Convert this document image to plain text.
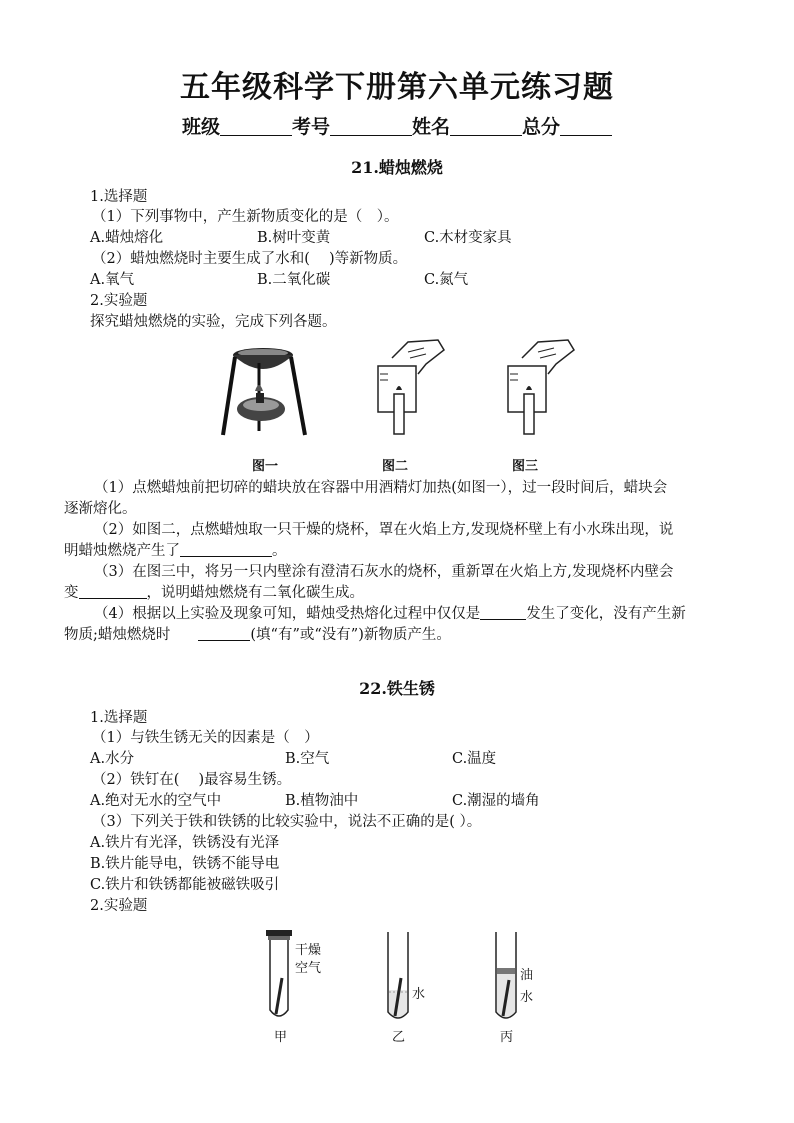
五年级科学下册第六单元练习题
班级	考号	姓名	总分
21.蜡烛燃烧
1.选择题
（1）下列事物中，产生新物质变化的是（　）。
A.蜡烛熔化	B.树叶变黄	C.木材变家具
（2）蜡烛燃烧时主要生成了水和(　 )等新物质。
A.氧气	B.二氧化碳	C.氮气
2.实验题
探究蜡烛燃烧的实验，完成下列各题。
图一	图二	图三
（1）点燃蜡烛前把切碎的蜡块放在容器中用酒精灯加热(如图一），过一段时间后，蜡块会
逐渐熔化。
（2）如图二，点燃蜡烛取一只干燥的烧杯，罩在火焰上方,发现烧杯壁上有小水珠出现，说
明蜡烛燃烧产生了	。
（3）在图三中，将另一只内壁涂有澄清石灰水的烧杯，重新罩在火焰上方,发现烧杯内壁会
变	，说明蜡烛燃烧有二氧化碳生成。
（4）根据以上实验及现象可知，蜡烛受热熔化过程中仅仅是	发生了变化，没有产生新
物质;蜡烛燃烧时	(填“有”或“没有”)新物质产生。
22.铁生锈
1.选择题
（1）与铁生锈无关的因素是（　）
A.水分	B.空气	C.温度
（2）铁钉在(　 )最容易生锈。
A.绝对无水的空气中	B.植物油中	C.潮湿的墙角
（3）下列关于铁和铁锈的比较实验中，说法不正确的是( ）。
A.铁片有光泽，铁锈没有光泽
B.铁片能导电，铁锈不能导电
C.铁片和铁锈都能被磁铁吸引
2.实验题
干燥
空气
甲
水
乙
油
水
丙
